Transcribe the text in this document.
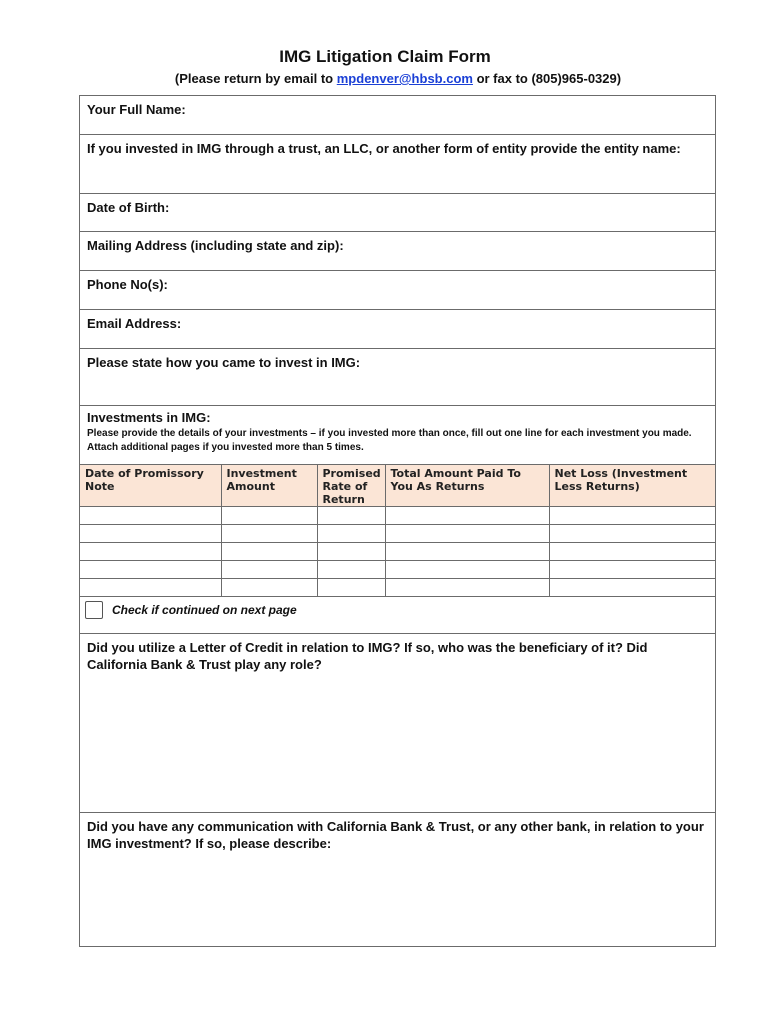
IMG Litigation Claim Form
(Please return by email to mpdenver@hbsb.com or fax to (805)965-0329)
Your Full Name:
If you invested in IMG through a trust, an LLC, or another form of entity provide the entity name:
Date of Birth:
Mailing Address (including state and zip):
Phone No(s):
Email Address:
Please state how you came to invest in IMG:
Investments in IMG:
Please provide the details of your investments – if you invested more than once, fill out one line for each investment you made. Attach additional pages if you invested more than 5 times.
Date of Promissory Note	Investment Amount	Promised Rate of Return	Total Amount Paid To You As Returns	Net Loss (Investment Less Returns)

Check if continued on next page
Did you utilize a Letter of Credit in relation to IMG? If so, who was the beneficiary of it? Did California Bank & Trust play any role?
Did you have any communication with California Bank & Trust, or any other bank, in relation to your IMG investment? If so, please describe:
